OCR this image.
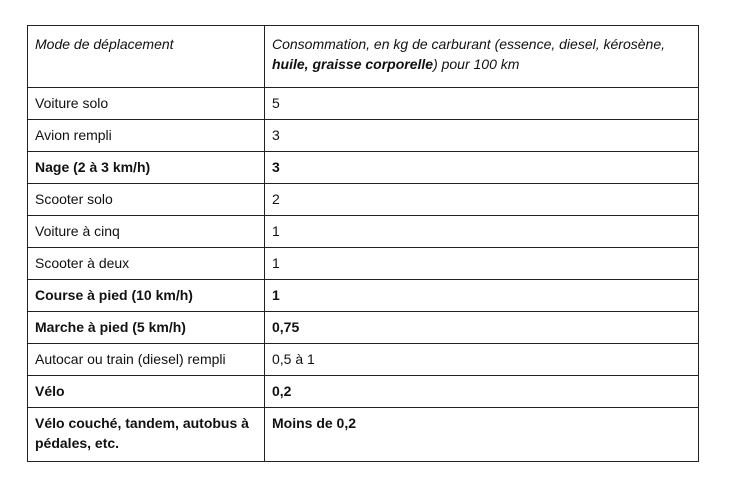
Mode de déplacement	Consommation, en kg de carburant (essence, diesel, kérosène, huile, graisse corporelle) pour 100 km
Voiture solo	5
Avion rempli	3
Nage (2 à 3 km/h)	3
Scooter solo	2
Voiture à cinq	1
Scooter à deux	1
Course à pied (10 km/h)	1
Marche à pied (5 km/h)	0,75
Autocar ou train (diesel) rempli	0,5 à 1
Vélo	0,2
Vélo couché, tandem, autobus à pédales, etc.	Moins de 0,2
